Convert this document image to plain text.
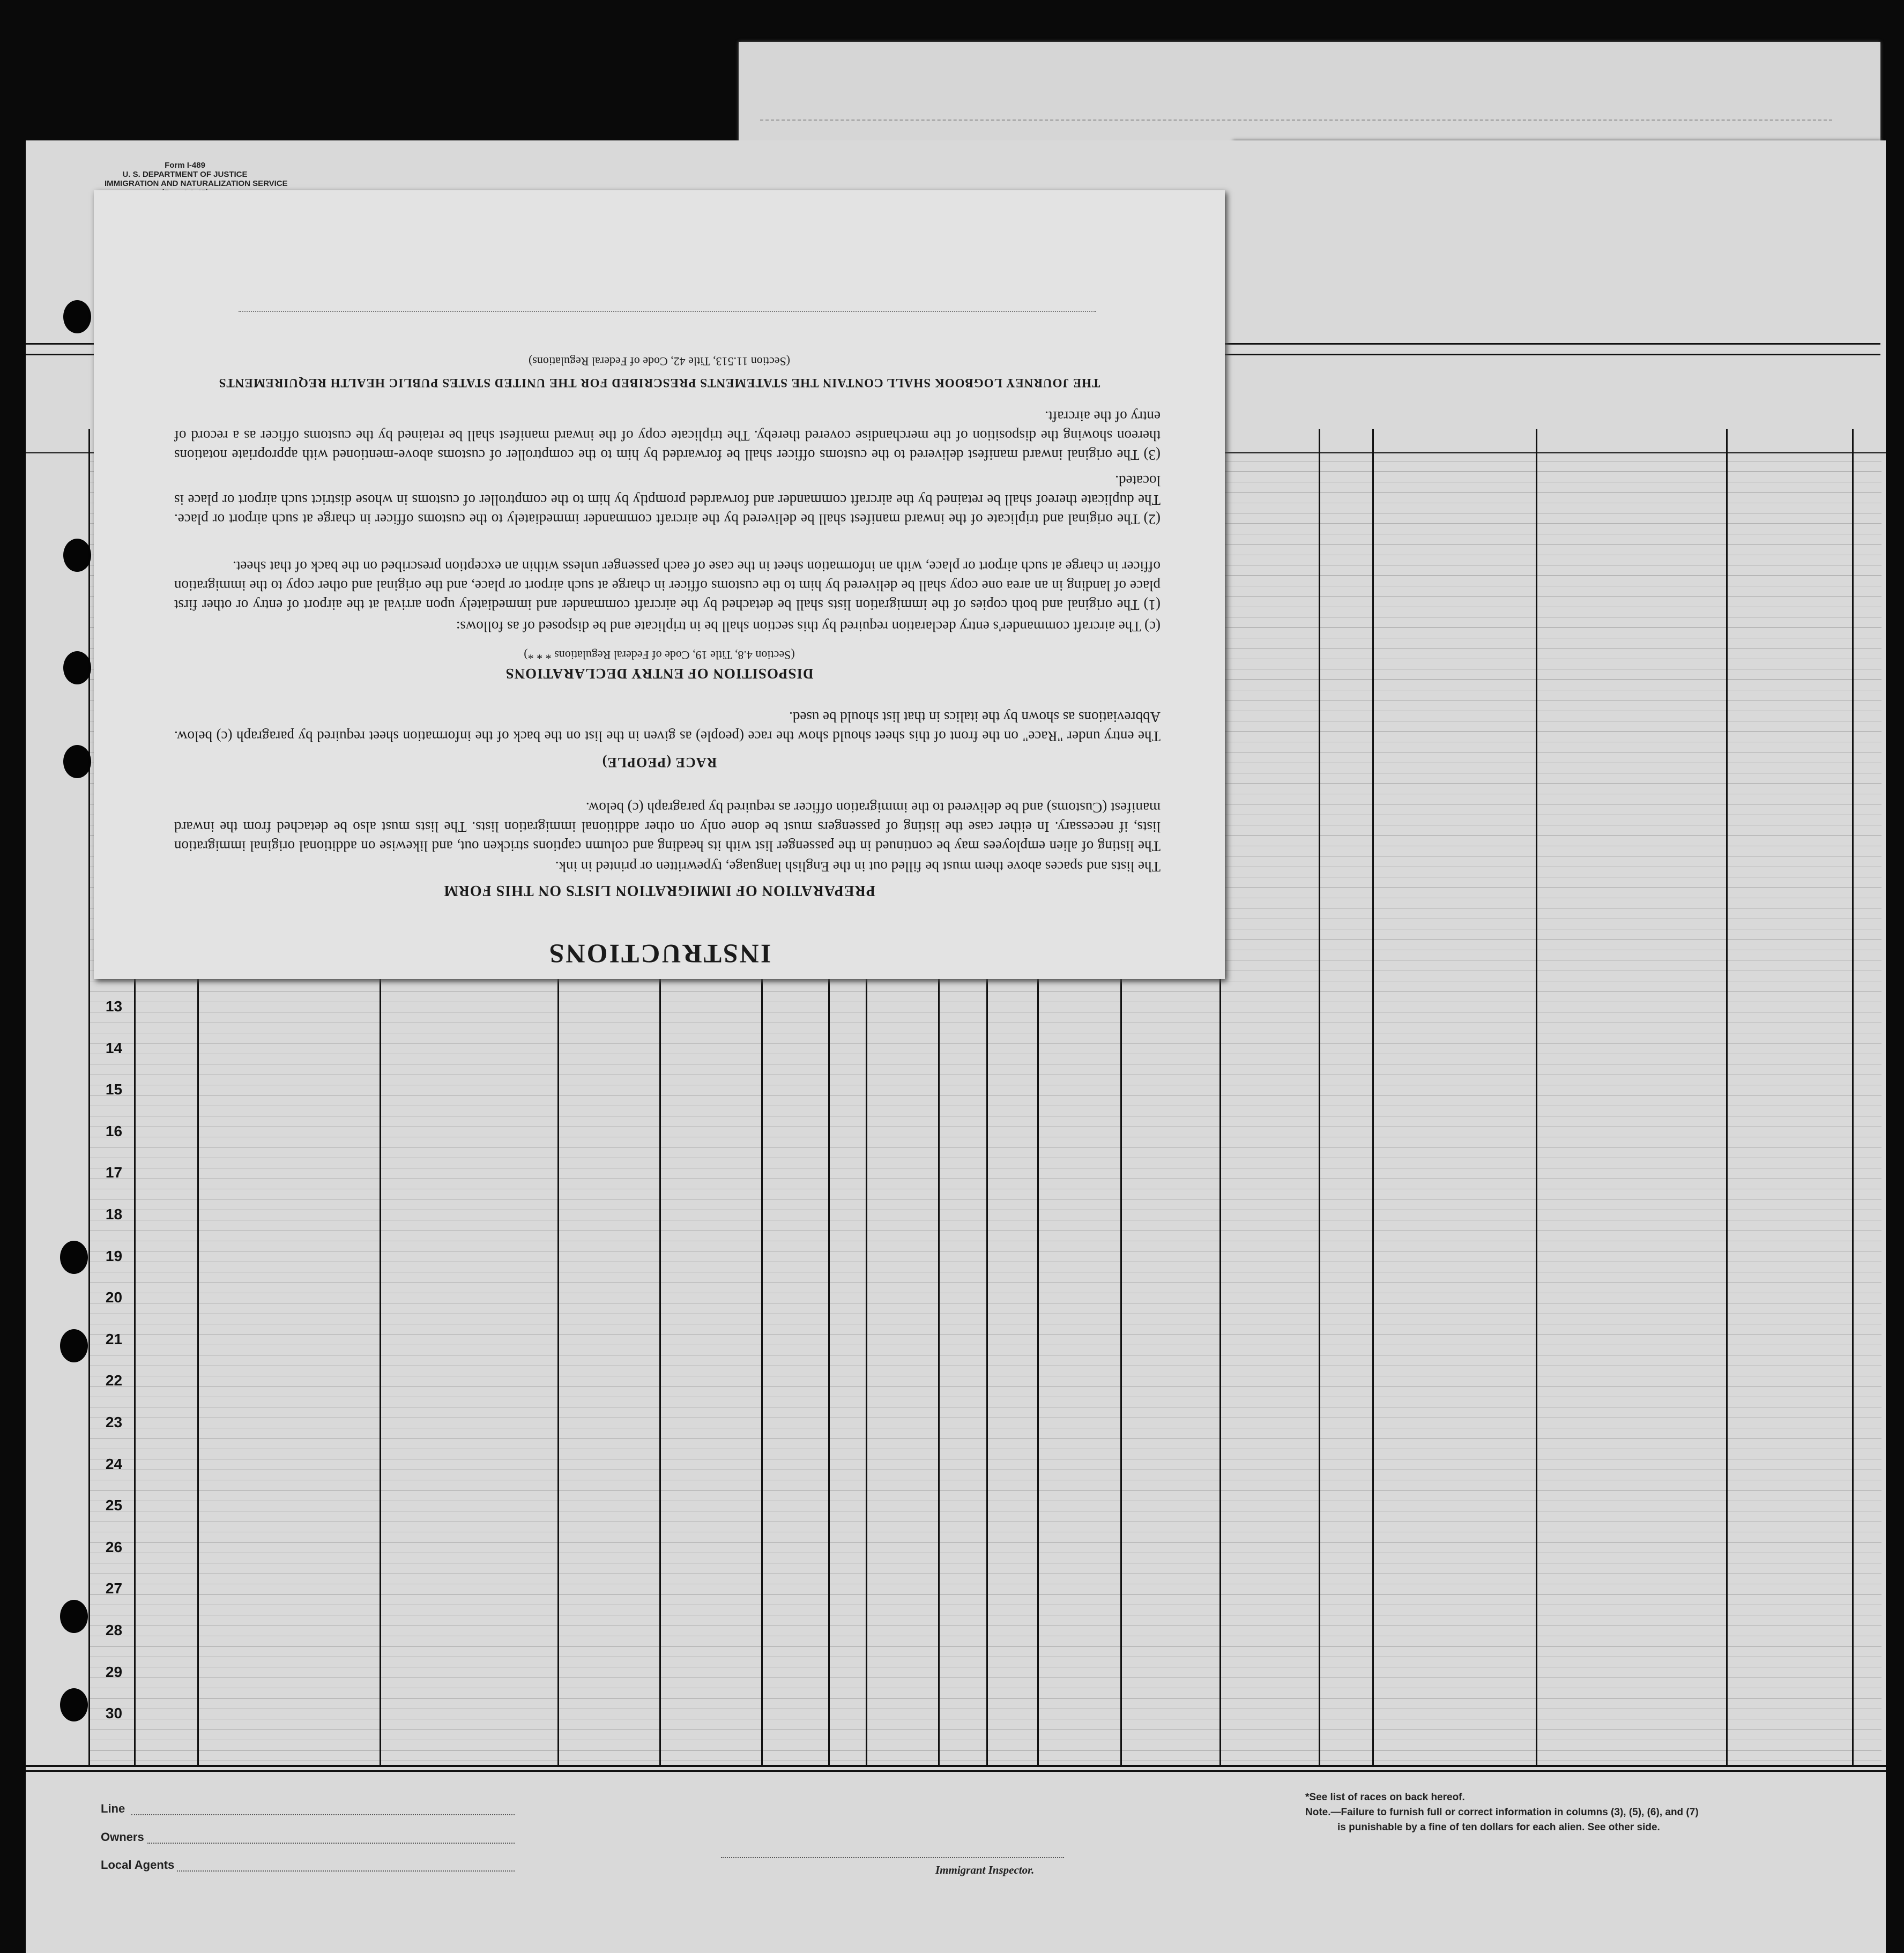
Form I-489
U. S. DEPARTMENT OF JUSTICE
IMMIGRATION AND NATURALIZATION SERVICE
INSTRUCTIONS
PREPARATION OF IMMIGRATION LISTS ON THIS FORM
The lists and spaces above them must be filled out in the English language, typewritten or printed in ink.
The listing of alien employees may be continued in the passenger list with its heading and column captions stricken out, and likewise on additional original immigration lists, if necessary. In either case the listing of passengers must be done only on other additional immigration lists. The lists must also be detached from the inward manifest (Customs) and be delivered to the immigration officer as required by paragraph (c) below.
RACE (PEOPLE)
The entry under "Race" on the front of this sheet should show the race (people) as given in the list on the back of the information sheet required by paragraph (c) below. Abbreviations as shown by the italics in that list should be used.
DISPOSITION OF ENTRY DECLARATIONS
(Section 4.8, Title 19, Code of Federal Regulations * * *)
(c) The aircraft commander's entry declaration required by this section shall be in triplicate and be disposed of as follows:
(1) The original and both copies of the immigration lists shall be detached by the aircraft commander and immediately upon arrival at the airport of entry or other first place of landing in an area one copy shall be delivered by him to the customs officer in charge at such airport or place, and the original and other copy to the immigration officer in charge at such airport or place, with an information sheet in the case of each passenger unless within an exception prescribed on the back of that sheet.
(2) The original and triplicate of the inward manifest shall be delivered by the aircraft commander immediately to the customs officer in charge at such airport or place. The duplicate thereof shall be retained by the aircraft commander and forwarded promptly by him to the comptroller of customs in whose district such airport or place is located.
(3) The original inward manifest delivered to the customs officer shall be forwarded by him to the comptroller of customs above-mentioned with appropriate notations thereon showing the disposition of the merchandise covered thereby. The triplicate copy of the inward manifest shall be retained by the customs officer as a record of entry of the aircraft.
THE JOURNEY LOGBOOK SHALL CONTAIN THE STATEMENTS PRESCRIBED FOR THE UNITED STATES PUBLIC HEALTH REQUIREMENTS
(Section 11.513, Title 42, Code of Federal Regulations)
Line
Owners
Local Agents	Immigrant Inspector.
*See list of races on back hereof.
Note.—Failure to furnish full or correct information in columns (3), (5), (6), and (7)
is punishable by a fine of ten dollars for each alien. See other side.
13
14
15
16
17
18
19
20
21
22
23
24
25
26
27
28
29
30
